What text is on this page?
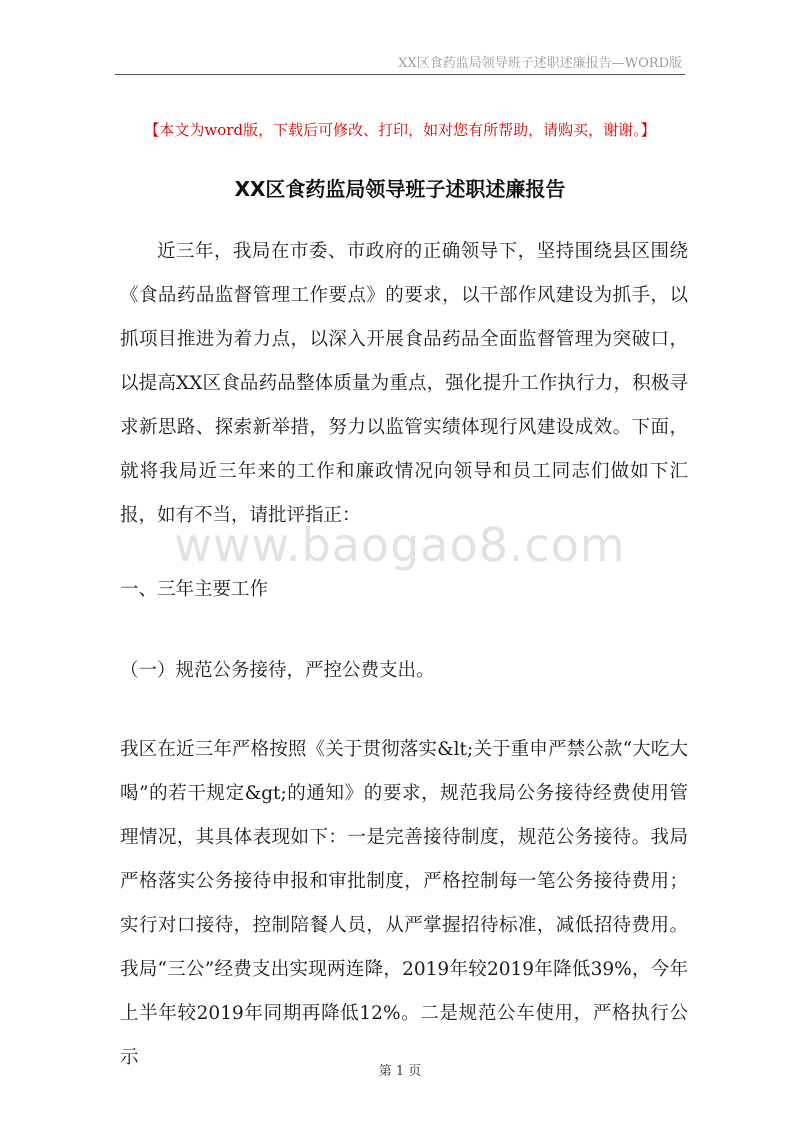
XX区食药监局领导班子述职述廉报告—WORD版
【本文为word版，下载后可修改、打印，如对您有所帮助，请购买，谢谢。】
XX区食药监局领导班子述职述廉报告

近三年，我局在市委、市政府的正确领导下，坚持围绕县区围绕《食品药品监督管理工作要点》的要求，以干部作风建设为抓手，以抓项目推进为着力点，以深入开展食品药品全面监督管理为突破口，以提高XX区食品药品整体质量为重点，强化提升工作执行力，积极寻求新思路、探索新举措，努力以监管实绩体现行风建设成效。下面，就将我局近三年来的工作和廉政情况向领导和员工同志们做如下汇报，如有不当，请批评指正：

www.baogao8.com
一、三年主要工作
（一）规范公务接待，严控公费支出。

我区在近三年严格按照《关于贯彻落实&lt;关于重申严禁公款“大吃大喝”的若干规定&gt;的通知》的要求，规范我局公务接待经费使用管理情况，其具体表现如下：一是完善接待制度，规范公务接待。我局严格落实公务接待申报和审批制度，严格控制每一笔公务接待费用；实行对口接待，控制陪餐人员，从严掌握招待标准，减低招待费用。我局“三公”经费支出实现两连降，2019年较2019年降低39%，今年上半年较2019年同期再降低12%。二是规范公车使用，严格执行公示

第 1 页
